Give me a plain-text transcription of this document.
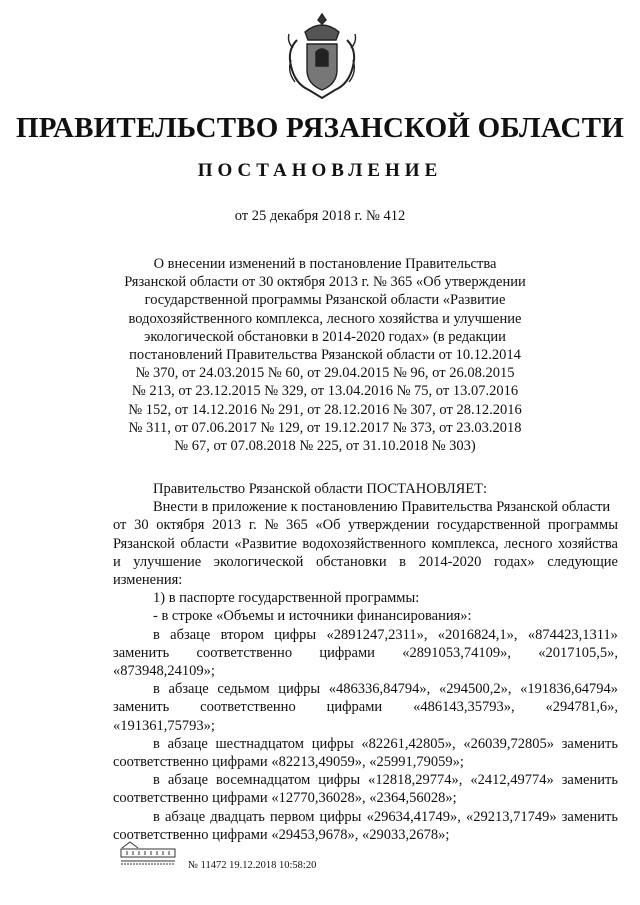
ПРАВИТЕЛЬСТВО РЯЗАНСКОЙ ОБЛАСТИ
ПОСТАНОВЛЕНИЕ
от 25 декабря 2018 г. № 412
О внесении изменений в постановление Правительства
Рязанской области от 30 октября 2013 г. № 365 «Об утверждении
государственной программы Рязанской области «Развитие
водохозяйственного комплекса, лесного хозяйства и улучшение
экологической обстановки в 2014-2020 годах» (в редакции
постановлений Правительства Рязанской области от 10.12.2014
№ 370, от 24.03.2015 № 60, от 29.04.2015 № 96, от 26.08.2015
№ 213, от 23.12.2015 № 329, от 13.04.2016 № 75, от 13.07.2016
№ 152, от 14.12.2016 № 291, от 28.12.2016 № 307, от 28.12.2016
№ 311, от 07.06.2017 № 129, от 19.12.2017 № 373, от 23.03.2018
№ 67, от 07.08.2018 № 225, от 31.10.2018 № 303)
Правительство Рязанской области ПОСТАНОВЛЯЕТ:
Внести в приложение к постановлению Правительства Рязанской области
от 30 октября 2013 г. № 365 «Об утверждении государственной программы
Рязанской области «Развитие водохозяйственного комплекса, лесного хозяйства
и улучшение экологической обстановки в 2014-2020 годах» следующие
изменения:
1) в паспорте государственной программы:
- в строке «Объемы и источники финансирования»:
в абзаце втором цифры «2891247,2311», «2016824,1», «874423,1311»
заменить соответственно цифрами «2891053,74109», «2017105,5»,
«873948,24109»;
в абзаце седьмом цифры «486336,84794», «294500,2», «191836,64794»
заменить соответственно цифрами «486143,35793», «294781,6»,
«191361,75793»;
в абзаце шестнадцатом цифры «82261,42805», «26039,72805» заменить
соответственно цифрами «82213,49059», «25991,79059»;
в абзаце восемнадцатом цифры «12818,29774», «2412,49774» заменить
соответственно цифрами «12770,36028», «2364,56028»;
в абзаце двадцать первом цифры «29634,41749», «29213,71749» заменить
соответственно цифрами «29453,9678», «29033,2678»;
№ 11472 19.12.2018 10:58:20
